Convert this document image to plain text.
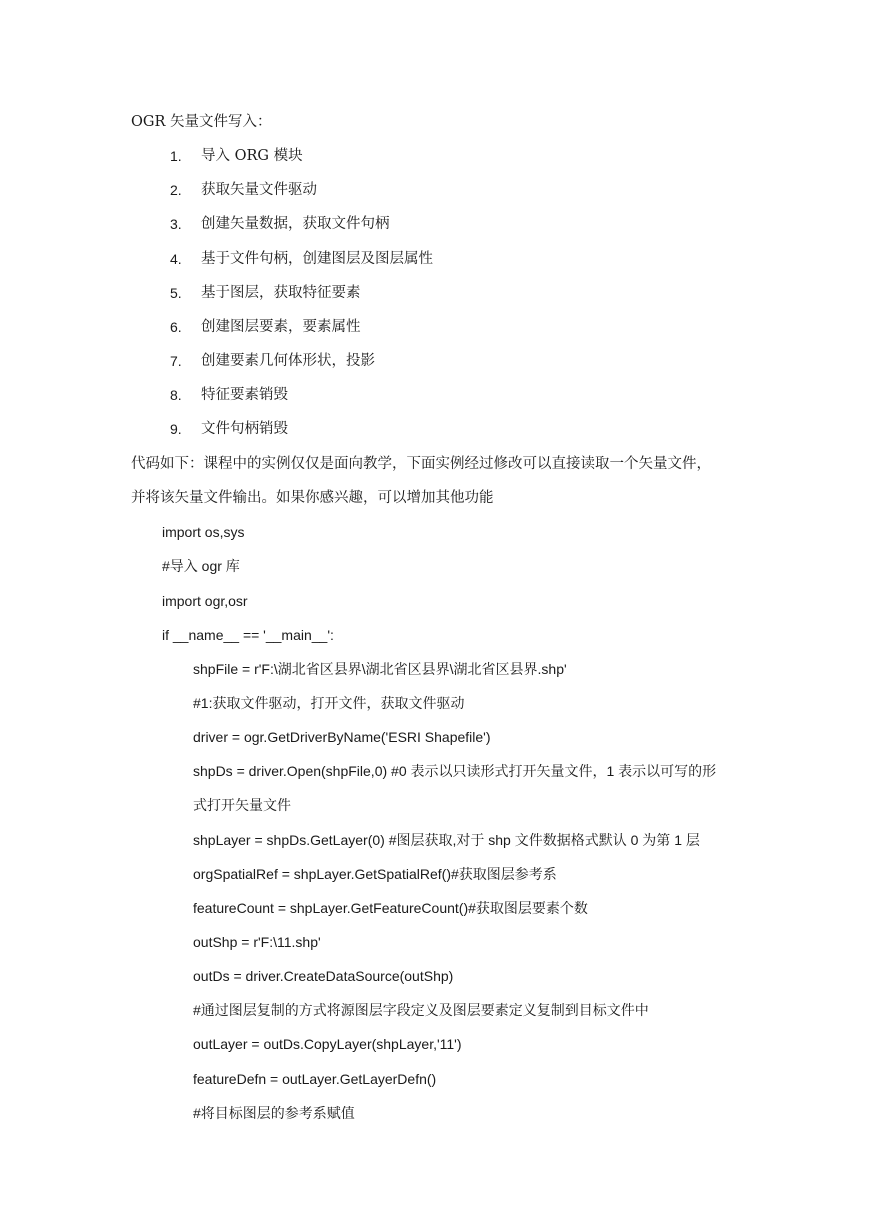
OGR 矢量文件写入：
1.	导入 ORG 模块
2.	获取矢量文件驱动
3.	创建矢量数据，获取文件句柄
4.	基于文件句柄，创建图层及图层属性
5.	基于图层，获取特征要素
6.	创建图层要素，要素属性
7.	创建要素几何体形状，投影
8.	特征要素销毁
9.	文件句柄销毁
代码如下：课程中的实例仅仅是面向教学，下面实例经过修改可以直接读取一个矢量文件，
并将该矢量文件输出。如果你感兴趣，可以增加其他功能
import os,sys
#导入 ogr 库
import ogr,osr
if __name__ == '__main__':
shpFile = r'F:\湖北省区县界\湖北省区县界\湖北省区县界.shp'
#1:获取文件驱动，打开文件，获取文件驱动
driver = ogr.GetDriverByName('ESRI Shapefile')
shpDs = driver.Open(shpFile,0) #0 表示以只读形式打开矢量文件，1 表示以可写的形
式打开矢量文件
shpLayer = shpDs.GetLayer(0) #图层获取,对于 shp 文件数据格式默认 0 为第 1 层
orgSpatialRef = shpLayer.GetSpatialRef()#获取图层参考系
featureCount = shpLayer.GetFeatureCount()#获取图层要素个数
outShp = r'F:\11.shp'
outDs = driver.CreateDataSource(outShp)
#通过图层复制的方式将源图层字段定义及图层要素定义复制到目标文件中
outLayer = outDs.CopyLayer(shpLayer,'11')
featureDefn = outLayer.GetLayerDefn()
#将目标图层的参考系赋值
